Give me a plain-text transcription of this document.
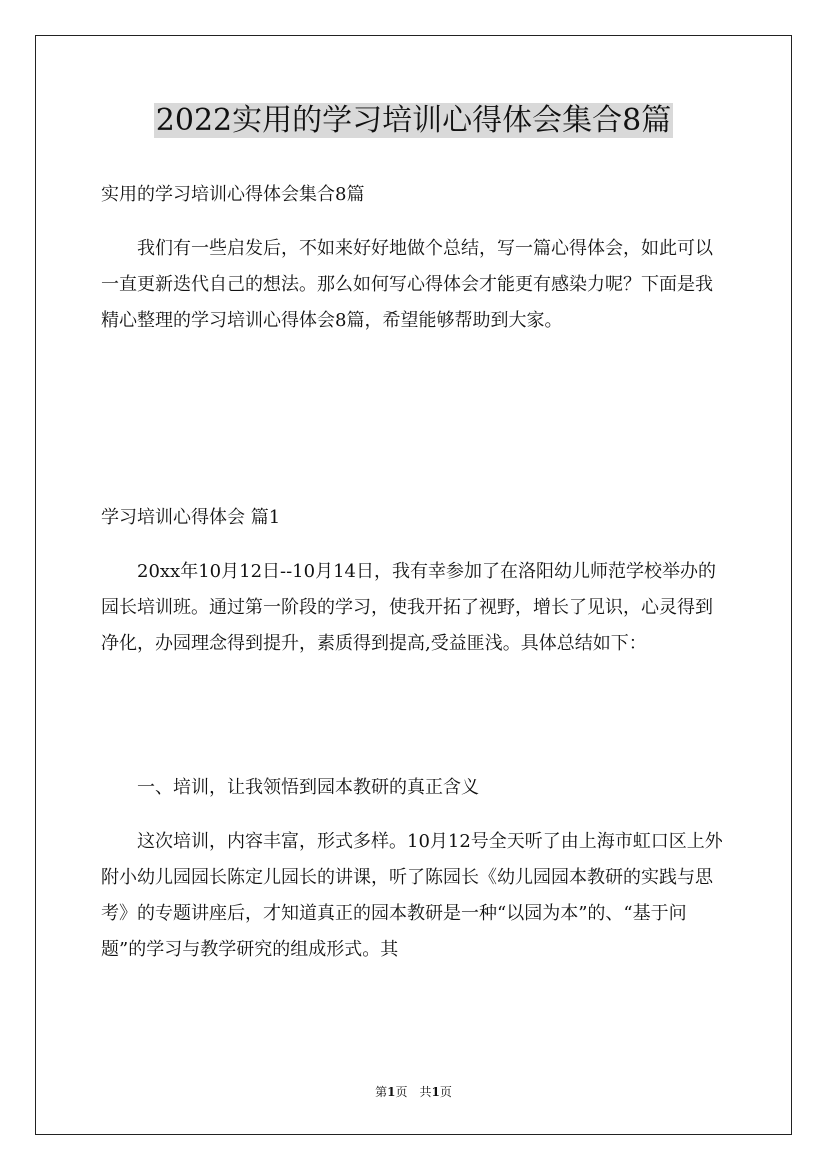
2022实用的学习培训心得体会集合8篇

实用的学习培训心得体会集合8篇

我们有一些启发后，不如来好好地做个总结，写一篇心得体会，如此可以一直更新迭代自己的想法。那么如何写心得体会才能更有感染力呢？下面是我精心整理的学习培训心得体会8篇，希望能够帮助到大家。

学习培训心得体会 篇1

20xx年10月12日--10月14日，我有幸参加了在洛阳幼儿师范学校举办的园长培训班。通过第一阶段的学习，使我开拓了视野，增长了见识，心灵得到净化，办园理念得到提升，素质得到提高,受益匪浅。具体总结如下：

一、培训，让我领悟到园本教研的真正含义

这次培训，内容丰富，形式多样。10月12号全天听了由上海市虹口区上外附小幼儿园园长陈定儿园长的讲课，听了陈园长《幼儿园园本教研的实践与思考》的专题讲座后，才知道真正的园本教研是一种“以园为本”的、“基于问题”的学习与教学研究的组成形式。其

第1页　共1页
